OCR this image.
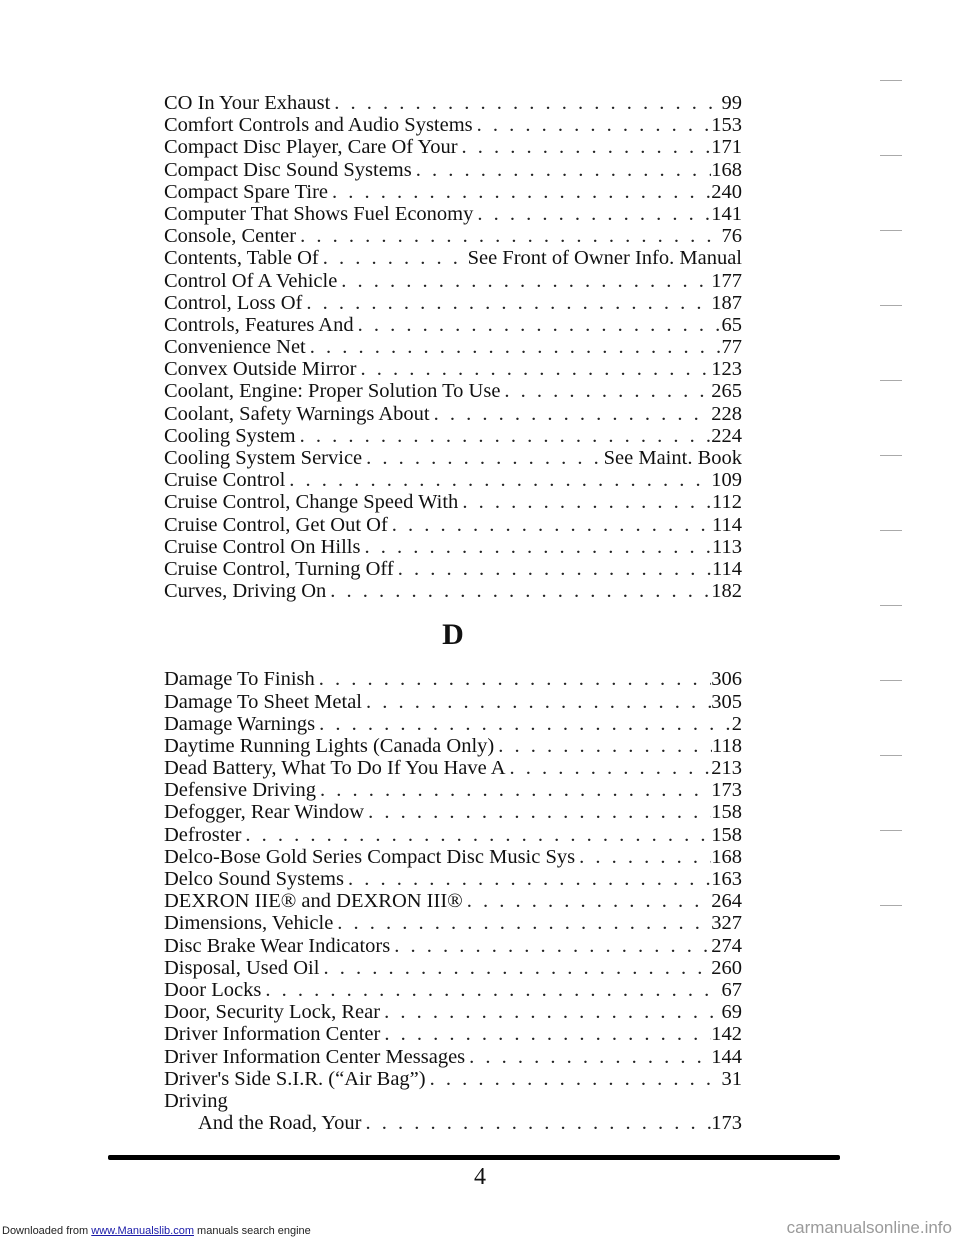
Downloaded from www.Manualslib.com manuals search engine
CO In Your Exhaust . . .	99
Comfort Controls and Audio Systems . . .	153
Compact Disc Player, Care Of Your . . .	171
Compact Disc Sound Systems . . .	168
Compact Spare Tire . . .	240
Computer That Shows Fuel Economy . . .	141
Console, Center . . .	76
Contents, Table Of . . .	See Front of Owner Info. Manual
Control Of A Vehicle . . .	177
Control, Loss Of . . .	187
Controls, Features And . . .	65
Convenience Net . . .	77
Convex Outside Mirror . . .	123
Coolant, Engine: Proper Solution To Use . . .	265
Coolant, Safety Warnings About . . .	228
Cooling System . . .	224
Cooling System Service . . .	See Maint. Book
Cruise Control . . .	109
Cruise Control, Change Speed With . . .	112
Cruise Control, Get Out Of . . .	114
Cruise Control On Hills . . .	113
Cruise Control, Turning Off . . .	114
Curves, Driving On . . .	182
D
Damage To Finish . . .	306
Damage To Sheet Metal . . .	305
Damage Warnings . . .	2
Daytime Running Lights (Canada Only) . . .	118
Dead Battery, What To Do If You Have A . . .	213
Defensive Driving . . .	173
Defogger, Rear Window . . .	158
Defroster . . .	158
Delco-Bose Gold Series Compact Disc Music Sys . . .	168
Delco Sound Systems . . .	163
DEXRON IIE® and DEXRON III® . . .	264
Dimensions, Vehicle . . .	327
Disc Brake Wear Indicators . . .	274
Disposal, Used Oil . . .	260
Door Locks . . .	67
Door, Security Lock, Rear . . .	69
Driver Information Center . . .	142
Driver Information Center Messages . . .	144
Driver's Side S.I.R. (“Air Bag”) . . .	31
Driving
And the Road, Your . . .	173
4
carmanualsonline.info
